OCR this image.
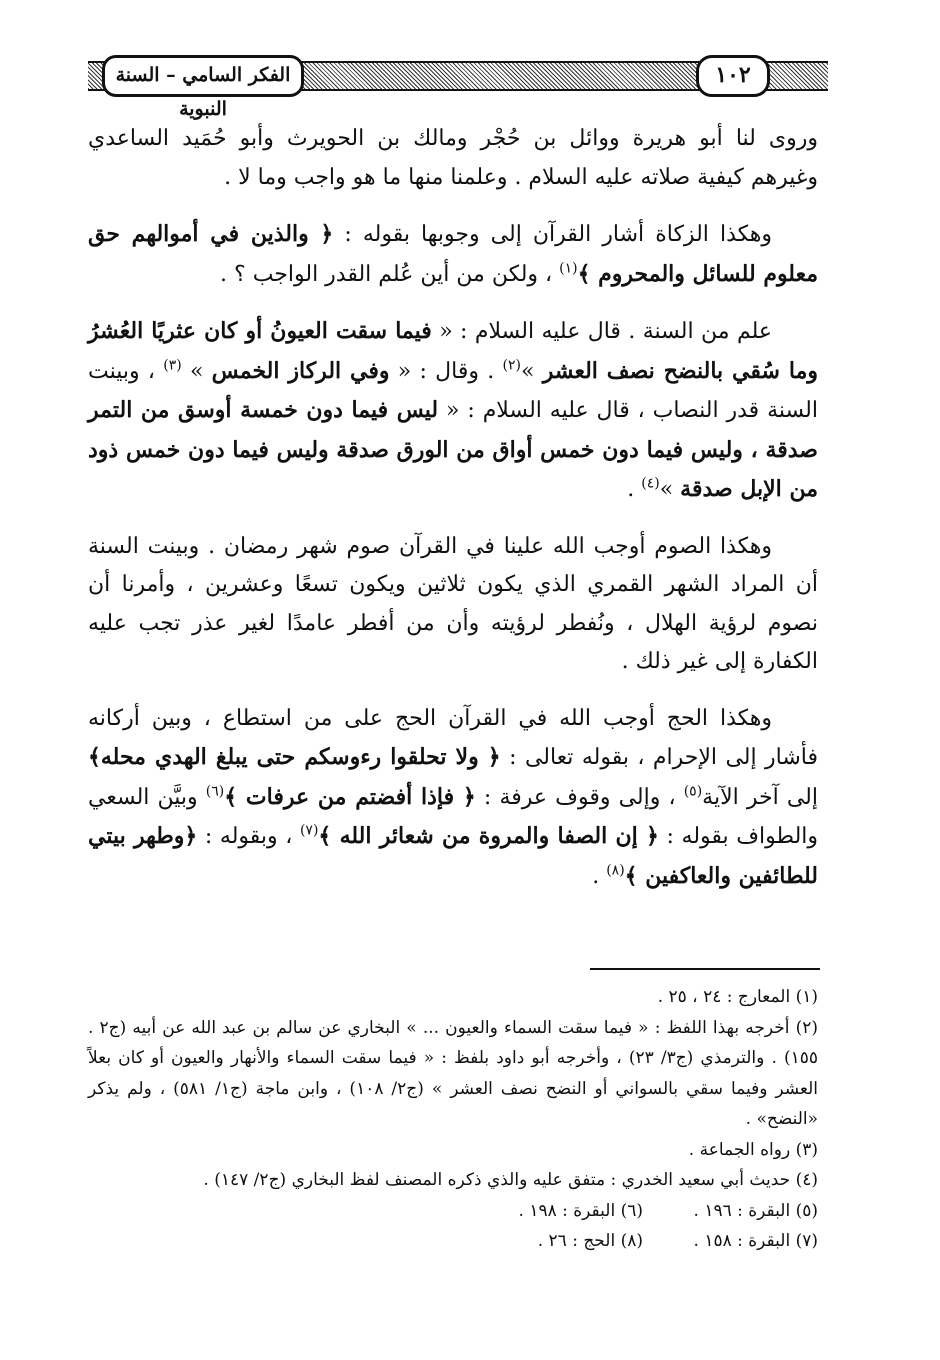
الفكر السامي – السنة النبوية
١٠٢

وروى لنا أبو هريرة ووائل بن حُجْر ومالك بن الحويرث وأبو حُمَيد الساعدي وغيرهم كيفية صلاته عليه السلام . وعلمنا منها ما هو واجب وما لا .

وهكذا الزكاة أشار القرآن إلى وجوبها بقوله : ﴿ والذين في أموالهم حق معلوم للسائل والمحروم ﴾$^{(١)}$ ، ولكن من أين عُلم القدر الواجب ؟ .

علم من السنة . قال عليه السلام : « فيما سقت العيونُ أو كان عثريًا العُشرُ وما سُقي بالنضح نصف العشر »$^{(٢)}$ . وقال : « وفي الركاز الخمس » $^{(٣)}$ ، وبينت السنة قدر النصاب ، قال عليه السلام : « ليس فيما دون خمسة أوسق من التمر صدقة ، وليس فيما دون خمس أواق من الورق صدقة وليس فيما دون خمس ذود من الإبل صدقة »$^{(٤)}$ .

وهكذا الصوم أوجب الله علينا في القرآن صوم شهر رمضان . وبينت السنة أن المراد الشهر القمري الذي يكون ثلاثين ويكون تسعًا وعشرين ، وأمرنا أن نصوم لرؤية الهلال ، ونُفطر لرؤيته وأن من أفطر عامدًا لغير عذر تجب عليه الكفارة إلى غير ذلك .

وهكذا الحج أوجب الله في القرآن الحج على من استطاع ، وبين أركانه فأشار إلى الإحرام ، بقوله تعالى : ﴿ ولا تحلقوا رءوسكم حتى يبلغ الهدي محله﴾ إلى آخر الآية$^{(٥)}$ ، وإلى وقوف عرفة : ﴿ فإذا أفضتم من عرفات ﴾$^{(٦)}$ وبيَّن السعي والطواف بقوله : ﴿ إن الصفا والمروة من شعائر الله ﴾$^{(٧)}$ ، وبقوله : ﴿وطهر بيتي للطائفين والعاكفين ﴾$^{(٨)}$ .

(١) المعارج : ٢٤ ، ٢٥ .
(٢) أخرجه بهذا اللفظ : « فيما سقت السماء والعيون ... » البخاري عن سالم بن عبد الله عن أبيه (ج٢ . ١٥٥) . والترمذي (ج٣/ ٢٣) ، وأخرجه أبو داود بلفظ : « فيما سقت السماء والأنهار والعيون أو كان بعلاً العشر وفيما سقي بالسواني أو النضح نصف العشر » (ج٢/ ١٠٨) ، وابن ماجة (ج١/ ٥٨١) ، ولم يذكر «النضح» .
(٣) رواه الجماعة .
(٤) حديث أبي سعيد الخدري : متفق عليه والذي ذكره المصنف لفظ البخاري (ج٢/ ١٤٧) .
(٥) البقرة : ١٩٦ .(٦) البقرة : ١٩٨ .
(٧) البقرة : ١٥٨ .(٨) الحج : ٢٦ .
